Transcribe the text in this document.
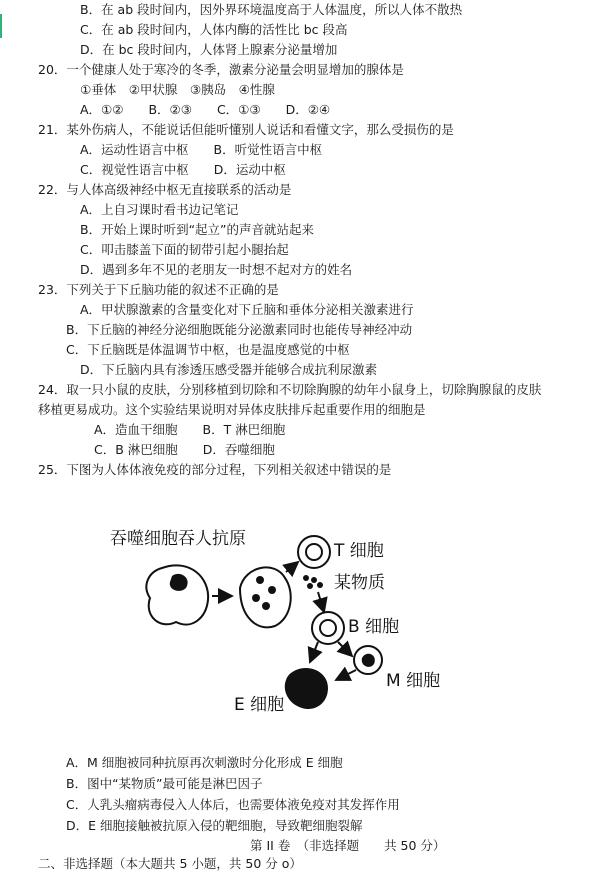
B．在 ab 段时间内，因外界环境温度高于人体温度，所以人体不散热
C．在 ab 段时间内，人体内酶的活性比 bc 段高
D．在 bc 段时间内，人体肾上腺素分泌量增加
20．一个健康人处于寒冷的冬季，激素分泌量会明显增加的腺体是
①垂体　②甲状腺　③胰岛　④性腺
A．①②　　B．②③　　C．①③　　D．②④
21．某外伤病人，不能说话但能听懂别人说话和看懂文字，那么受损伤的是
A．运动性语言中枢　　B．听觉性语言中枢
C．视觉性语言中枢　　D．运动中枢
22．与人体高级神经中枢无直接联系的活动是
A．上自习课时看书边记笔记
B．开始上课时听到“起立”的声音就站起来
C．叩击膝盖下面的韧带引起小腿抬起
D．遇到多年不见的老朋友一时想不起对方的姓名
23．下列关于下丘脑功能的叙述不正确的是
A．甲状腺激素的含量变化对下丘脑和垂体分泌相关激素进行
B．下丘脑的神经分泌细胞既能分泌激素同时也能传导神经冲动
C．下丘脑既是体温调节中枢，也是温度感觉的中枢
D．下丘脑内具有渗透压感受器并能够合成抗利尿激素
24．取一只小鼠的皮肤，分别移植到切除和不切除胸腺的幼年小鼠身上，切除胸腺鼠的皮肤
移植更易成功。这个实验结果说明对异体皮肤排斥起重要作用的细胞是
A．造血干细胞　　B．T 淋巴细胞
C．B 淋巴细胞　　D．吞噬细胞
25．下图为人体体液免疫的部分过程，下列相关叙述中错误的是
吞噬细胞吞人抗原
T 细胞
某物质
B 细胞
M 细胞
E 细胞
A．M 细胞被同种抗原再次刺激时分化形成 E 细胞
B．图中“某物质”最可能是淋巴因子
C．人乳头瘤病毒侵入人体后，也需要体液免疫对其发挥作用
D．E 细胞接触被抗原入侵的靶细胞，导致靶细胞裂解
第 II 卷　（非选择题　　共 50 分）
二、非选择题（本大题共 5 小题，共 50 分 o）
